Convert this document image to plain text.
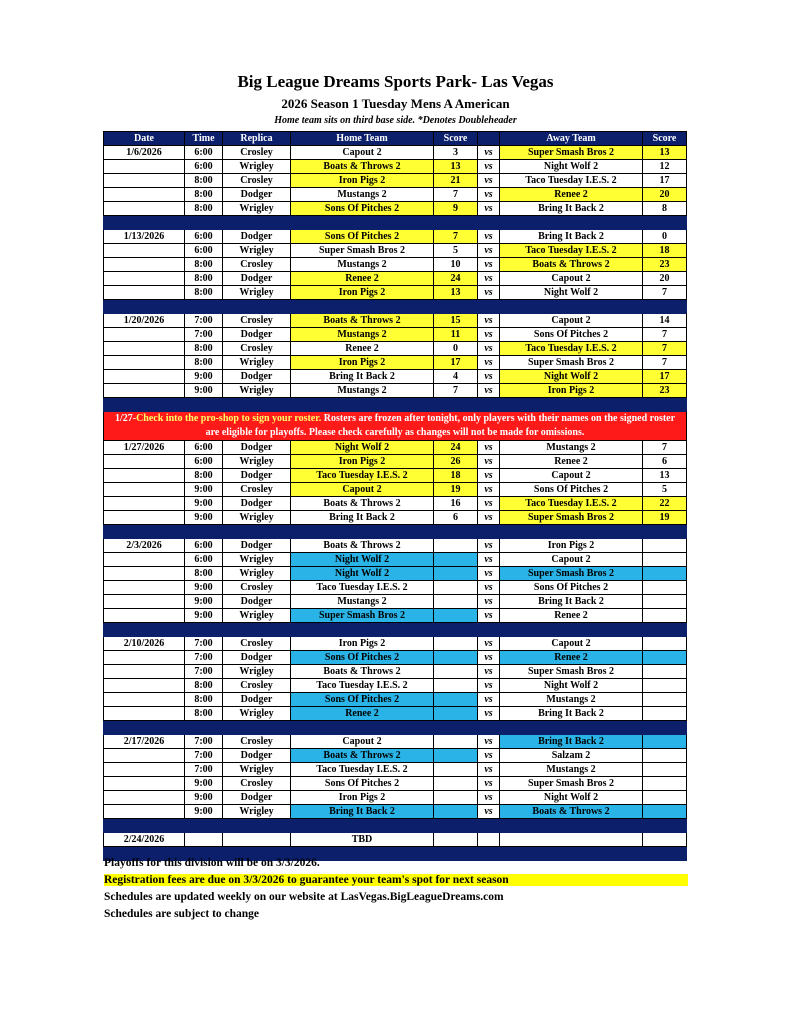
Big League Dreams Sports Park- Las Vegas
2026 Season 1 Tuesday Mens A American
Home team sits on third base side. *Denotes Doubleheader
Date	Time	Replica	Home Team	Score		Away Team	Score
1/6/2026	6:00	Crosley	Capout 2	3	vs	Super Smash Bros 2	13
	6:00	Wrigley	Boats & Throws 2	13	vs	Night Wolf 2	12
	8:00	Crosley	Iron Pigs 2	21	vs	Taco Tuesday I.E.S. 2	17
	8:00	Dodger	Mustangs 2	7	vs	Renee 2	20
	8:00	Wrigley	Sons Of Pitches 2	9	vs	Bring It Back 2	8

1/13/2026	6:00	Dodger	Sons Of Pitches 2	7	vs	Bring It Back 2	0
	6:00	Wrigley	Super Smash Bros 2	5	vs	Taco Tuesday I.E.S. 2	18
	8:00	Crosley	Mustangs 2	10	vs	Boats & Throws 2	23
	8:00	Dodger	Renee 2	24	vs	Capout 2	20
	8:00	Wrigley	Iron Pigs 2	13	vs	Night Wolf 2	7

1/20/2026	7:00	Crosley	Boats & Throws 2	15	vs	Capout 2	14
	7:00	Dodger	Mustangs 2	11	vs	Sons Of Pitches 2	7
	8:00	Crosley	Renee 2	0	vs	Taco Tuesday I.E.S. 2	7
	8:00	Wrigley	Iron Pigs 2	17	vs	Super Smash Bros 2	7
	9:00	Dodger	Bring It Back 2	4	vs	Night Wolf 2	17
	9:00	Wrigley	Mustangs 2	7	vs	Iron Pigs 2	23

1/27-Check into the pro-shop to sign your roster. Rosters are frozen after tonight, only players with their names on the signed roster are eligible for playoffs. Please check carefully as changes will not be made for omissions.							
1/27/2026	6:00	Dodger	Night Wolf 2	24	vs	Mustangs 2	7
	6:00	Wrigley	Iron Pigs 2	26	vs	Renee 2	6
	8:00	Dodger	Taco Tuesday I.E.S. 2	18	vs	Capout 2	13
	9:00	Crosley	Capout 2	19	vs	Sons Of Pitches 2	5
	9:00	Dodger	Boats & Throws 2	16	vs	Taco Tuesday I.E.S. 2	22
	9:00	Wrigley	Bring It Back 2	6	vs	Super Smash Bros 2	19

2/3/2026	6:00	Dodger	Boats & Throws 2		vs	Iron Pigs 2	
	6:00	Wrigley	Night Wolf 2		vs	Capout 2	
	8:00	Wrigley	Night Wolf 2		vs	Super Smash Bros 2	
	9:00	Crosley	Taco Tuesday I.E.S. 2		vs	Sons Of Pitches 2	
	9:00	Dodger	Mustangs 2		vs	Bring It Back 2	
	9:00	Wrigley	Super Smash Bros 2		vs	Renee 2	

2/10/2026	7:00	Crosley	Iron Pigs 2		vs	Capout 2	
	7:00	Dodger	Sons Of Pitches 2		vs	Renee 2	
	7:00	Wrigley	Boats & Throws 2		vs	Super Smash Bros 2	
	8:00	Crosley	Taco Tuesday I.E.S. 2		vs	Night Wolf 2	
	8:00	Dodger	Sons Of Pitches 2		vs	Mustangs 2	
	8:00	Wrigley	Renee 2		vs	Bring It Back 2	

2/17/2026	7:00	Crosley	Capout 2		vs	Bring It Back 2	
	7:00	Dodger	Boats & Throws 2		vs	Salzam 2	
	7:00	Wrigley	Taco Tuesday I.E.S. 2		vs	Mustangs 2	
	9:00	Crosley	Sons Of Pitches 2		vs	Super Smash Bros 2	
	9:00	Dodger	Iron Pigs 2		vs	Night Wolf 2	
	9:00	Wrigley	Bring It Back 2		vs	Boats & Throws 2	

2/24/2026			TBD				

Playoffs for this division will be on 3/3/2026.
Registration fees are due on 3/3/2026 to guarantee your team's spot for next season
Schedules are updated weekly on our website at LasVegas.BigLeagueDreams.com
Schedules are subject to change
